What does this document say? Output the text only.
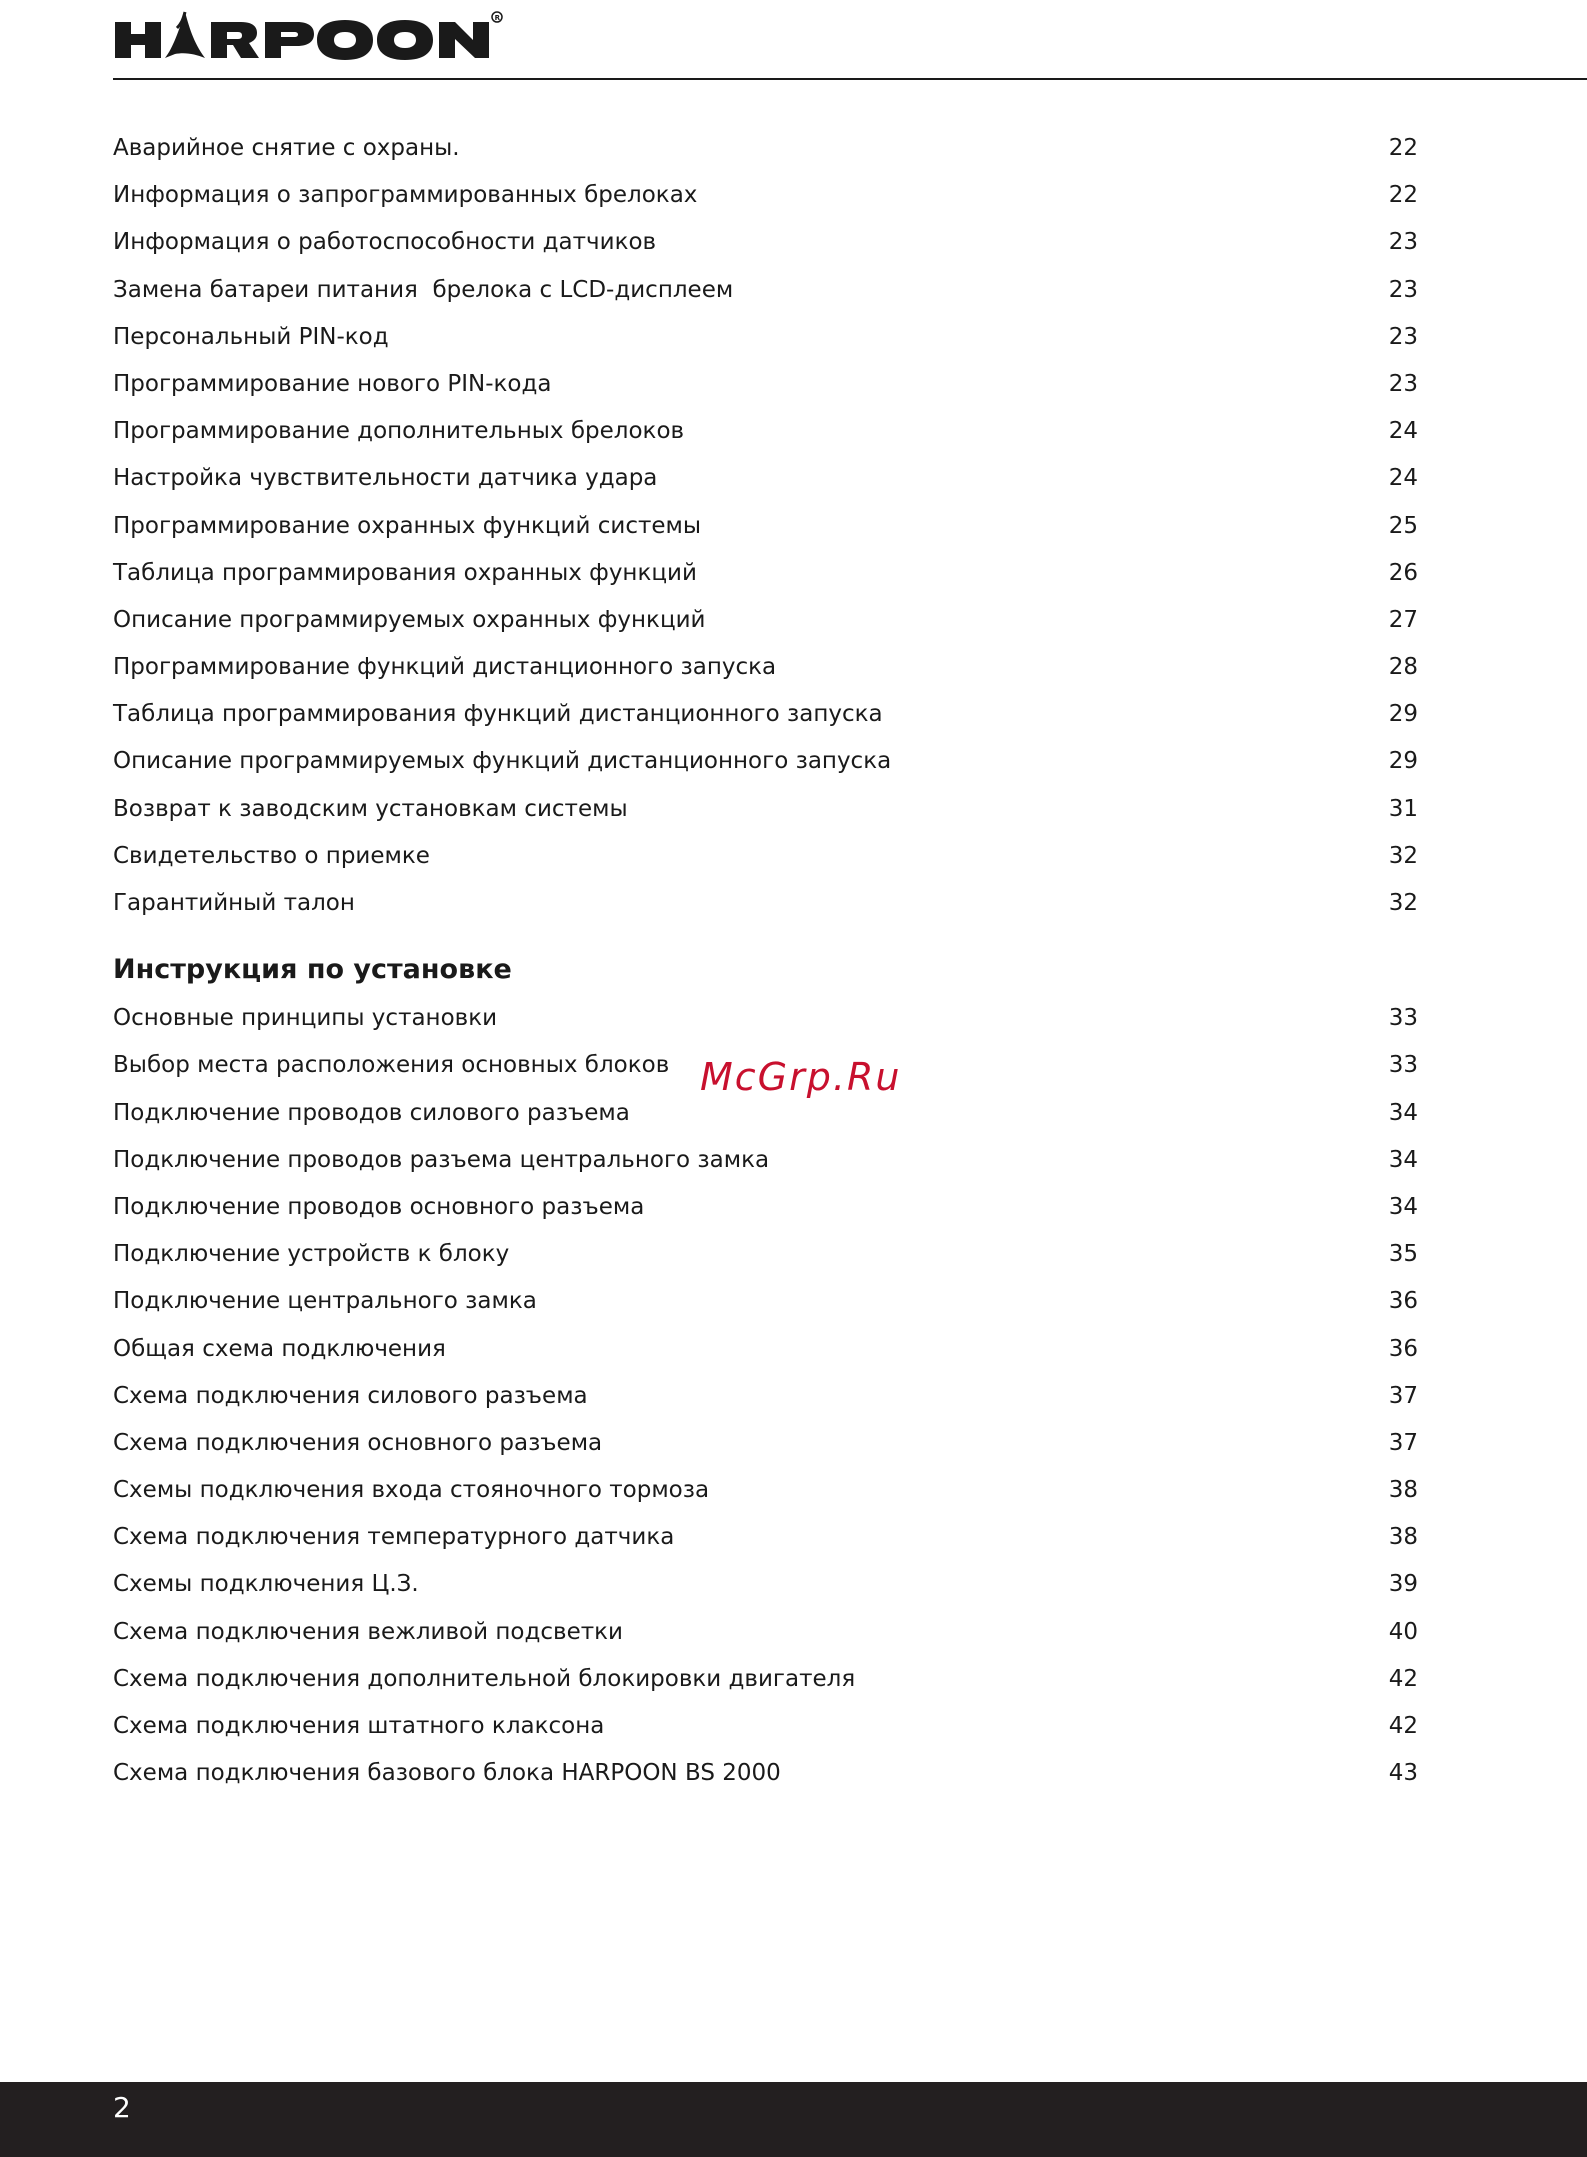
R
Аварийное снятие с охраны.	22
Информация о запрограммированных брелоках	22
Информация о работоспособности датчиков	23
Замена батареи питания  брелока с LCD-дисплеем	23
Персональный PIN-код	23
Программирование нового PIN-кода	23
Программирование дополнительных брелоков	24
Настройка чувствительности датчика удара	24
Программирование охранных функций системы	25
Таблица программирования охранных функций	26
Описание программируемых охранных функций	27
Программирование функций дистанционного запуска	28
Таблица программирования функций дистанционного запуска	29
Описание программируемых функций дистанционного запуска	29
Возврат к заводским установкам системы	31
Свидетельство о приемке	32
Гарантийный талон	32
Инструкция по установке
Основные принципы установки	33
Выбор места расположения основных блоков	33
Подключение проводов силового разъема	34
Подключение проводов разъема центрального замка	34
Подключение проводов основного разъема	34
Подключение устройств к блоку	35
Подключение центрального замка	36
Общая схема подключения	36
Схема подключения силового разъема	37
Схема подключения основного разъема	37
Схемы подключения входа стояночного тормоза	38
Схема подключения температурного датчика	38
Схемы подключения Ц.З.	39
Схема подключения вежливой подсветки	40
Схема подключения дополнительной блокировки двигателя	42
Схема подключения штатного клаксона	42
Схема подключения базового блока HARPOON BS 2000	43
McGrp.Ru
2
